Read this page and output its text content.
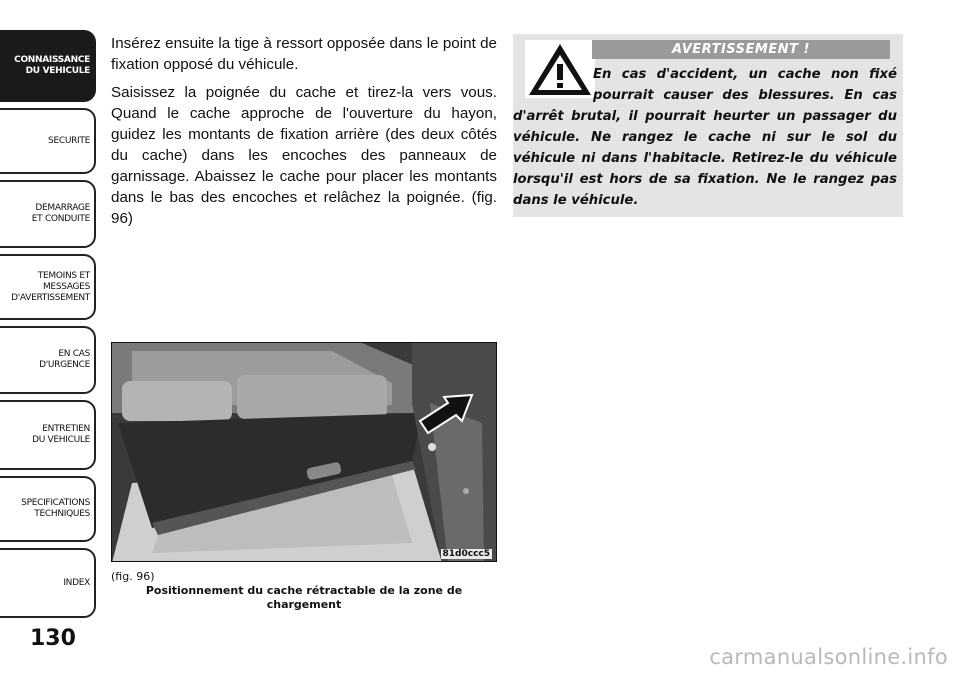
CONNAISSANCE
DU VEHICULE
SECURITE
DEMARRAGE
ET CONDUITE
TEMOINS ET
MESSAGES
D'AVERTISSEMENT
EN CAS
D'URGENCE
ENTRETIEN
DU VEHICULE
SPECIFICATIONS
TECHNIQUES
INDEX
130

Insérez ensuite la tige à ressort opposée dans le point de fixation opposé du véhicule.

Saisissez la poignée du cache et tirez-la vers vous. Quand le cache approche de l'ouverture du hayon, guidez les montants de fixation arrière (des deux côtés du cache) dans les encoches des panneaux de garnissage. Abaissez le cache pour placer les montants dans le bas des encoches et relâchez la poignée. (fig. 96)

81d0ccc5
(fig. 96)
Positionnement du cache rétractable de la zone de chargement
AVERTISSEMENT !
En cas d'accident, un cache non fixé pourrait causer des blessures. En cas d'arrêt brutal, il pourrait heurter un passager du véhicule. Ne rangez le cache ni sur le sol du véhicule ni dans l'habitacle. Retirez-le du véhicule lorsqu'il est hors de sa fixation. Ne le rangez pas dans le véhicule.
carmanualsonline.info
